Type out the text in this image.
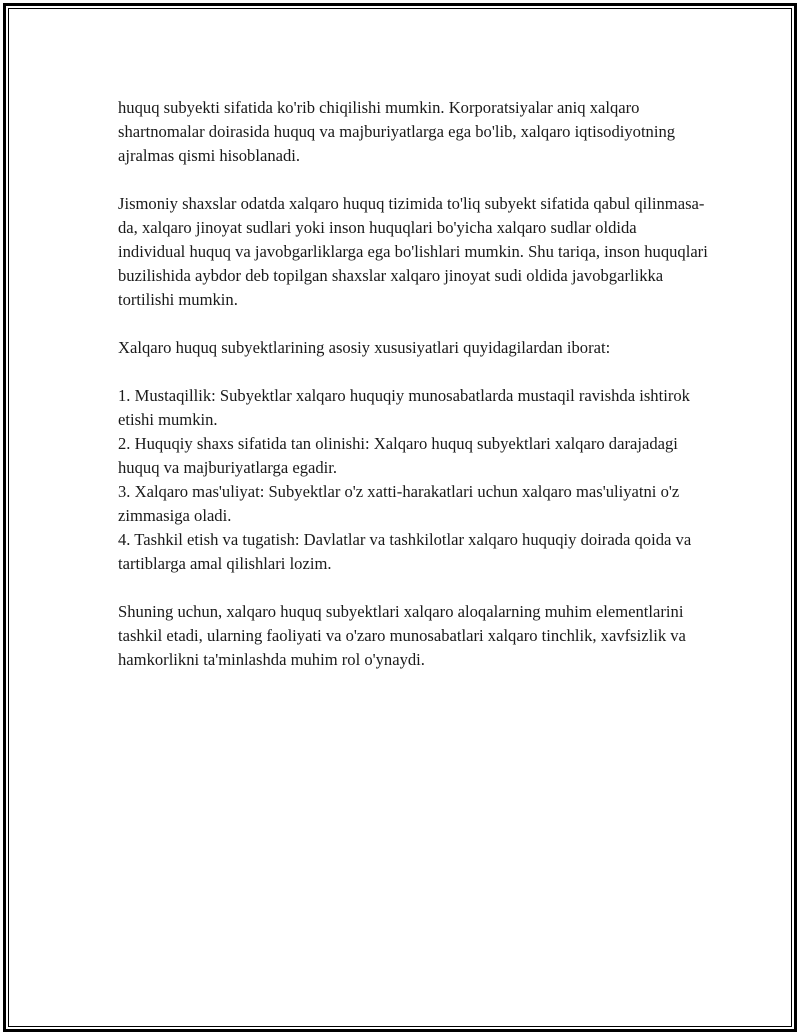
huquq subyekti sifatida ko'rib chiqilishi mumkin. Korporatsiyalar aniq xalqaro shartnomalar doirasida huquq va majburiyatlarga ega bo'lib, xalqaro iqtisodiyotning ajralmas qismi hisoblanadi.

Jismoniy shaxslar odatda xalqaro huquq tizimida to'liq subyekt sifatida qabul qilinmasa-da, xalqaro jinoyat sudlari yoki inson huquqlari bo'yicha xalqaro sudlar oldida individual huquq va javobgarliklarga ega bo'lishlari mumkin. Shu tariqa, inson huquqlari buzilishida aybdor deb topilgan shaxslar xalqaro jinoyat sudi oldida javobgarlikka tortilishi mumkin.

Xalqaro huquq subyektlarining asosiy xususiyatlari quyidagilardan iborat:

1. Mustaqillik: Subyektlar xalqaro huquqiy munosabatlarda mustaqil ravishda ishtirok etishi mumkin.

2. Huquqiy shaxs sifatida tan olinishi: Xalqaro huquq subyektlari xalqaro darajadagi huquq va majburiyatlarga egadir.

3. Xalqaro mas'uliyat: Subyektlar o'z xatti-harakatlari uchun xalqaro mas'uliyatni o'z zimmasiga oladi.

4. Tashkil etish va tugatish: Davlatlar va tashkilotlar xalqaro huquqiy doirada qoida va tartiblarga amal qilishlari lozim.

Shuning uchun, xalqaro huquq subyektlari xalqaro aloqalarning muhim elementlarini tashkil etadi, ularning faoliyati va o'zaro munosabatlari xalqaro tinchlik, xavfsizlik va hamkorlikni ta'minlashda muhim rol o'ynaydi.
